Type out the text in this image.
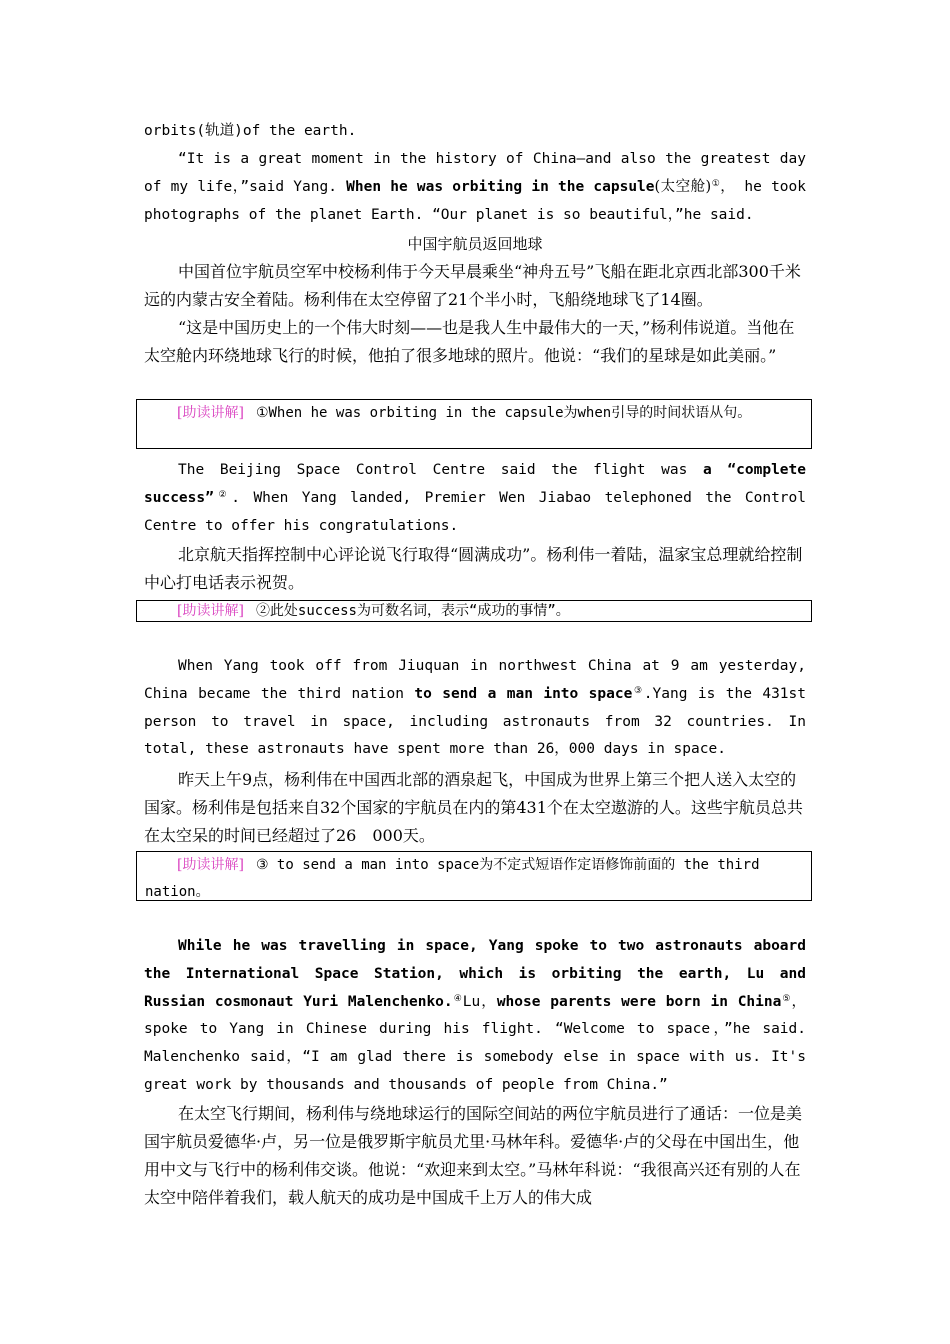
orbits(轨道)of the earth.
“It is a great moment in the history of China—and also the greatest day of my life，”said Yang. When he was orbiting in the capsule(太空舱)①， he took photographs of the planet Earth. “Our planet is so beautiful，”he said.
中国宇航员返回地球
中国首位宇航员空军中校杨利伟于今天早晨乘坐“神舟五号”飞船在距北京西北部300千米远的内蒙古安全着陆。杨利伟在太空停留了21个半小时，飞船绕地球飞了14圈。
“这是中国历史上的一个伟大时刻——也是我人生中最伟大的一天，”杨利伟说道。当他在太空舱内环绕地球飞行的时候，他拍了很多地球的照片。他说：“我们的星球是如此美丽。”
[助读讲解] ①When he was orbiting in the capsule为when引导的时间状语从句。
The Beijing Space Control Centre said the flight was a “complete success”②. When Yang landed, Premier Wen Jiabao telephoned the Control Centre to offer his congratulations.
北京航天指挥控制中心评论说飞行取得“圆满成功”。杨利伟一着陆，温家宝总理就给控制中心打电话表示祝贺。
[助读讲解] ②此处success为可数名词，表示“成功的事情”。
When Yang took off from Jiuquan in northwest China at 9 am yesterday, China became the third nation to send a man into space③.Yang is the 431st person to travel in space, including astronauts from 32 countries. In total, these astronauts have spent more than 26，000 days in space.
昨天上午9点，杨利伟在中国西北部的酒泉起飞，中国成为世界上第三个把人送入太空的国家。杨利伟是包括来自32个国家的宇航员在内的第431个在太空遨游的人。这些宇航员总共在太空呆的时间已经超过了26　000天。
[助读讲解] ③ to send a man into space为不定式短语作定语修饰前面的 the third nation。
While he was travelling in space, Yang spoke to two astronauts aboard the International Space Station, which is orbiting the earth, Lu and Russian cosmonaut Yuri Malenchenko.④Lu，whose parents were born in China⑤， spoke to Yang in Chinese during his flight. “Welcome to space，”he said. Malenchenko said，“I am glad there is somebody else in space with us. It's great work by thousands and thousands of people from China.”
在太空飞行期间，杨利伟与绕地球运行的国际空间站的两位宇航员进行了通话：一位是美国宇航员爱德华·卢，另一位是俄罗斯宇航员尤里·马林年科。爱德华·卢的父母在中国出生，他用中文与飞行中的杨利伟交谈。他说：“欢迎来到太空。”马林年科说：“我很高兴还有别的人在太空中陪伴着我们，载人航天的成功是中国成千上万人的伟大成
